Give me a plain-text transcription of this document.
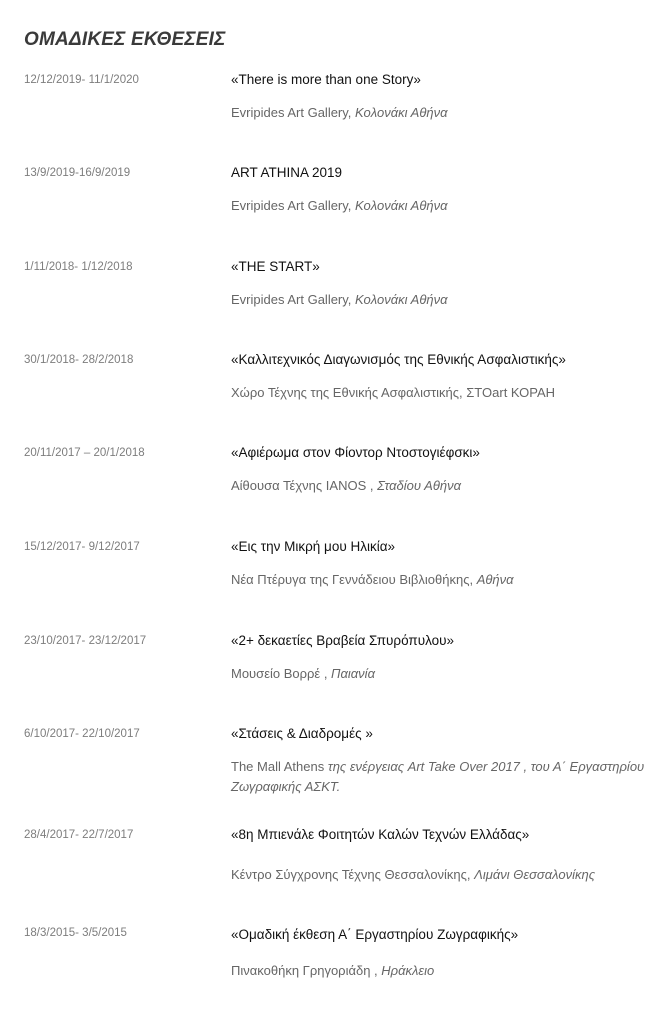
ΟΜΑΔΙΚΕΣ ΕΚΘΕΣΕΙΣ
12/12/2019- 11/1/2020	«There is more than one Story»
Evripides Art Gallery, Κολονάκι Αθήνα
13/9/2019-16/9/2019	ART ATHINA 2019
Evripides Art Gallery, Κολονάκι Αθήνα
1/11/2018- 1/12/2018	«THE START»
Evripides Art Gallery, Κολονάκι Αθήνα
30/1/2018- 28/2/2018	«Καλλιτεχνικός Διαγωνισμός της Εθνικής Ασφαλιστικής»
Χώρο Τέχνης της Εθνικής Ασφαλιστικής, ΣΤΟart ΚΟΡΑΗ
20/11/2017 – 20/1/2018	«Αφιέρωμα στον Φίοντορ Ντοστογιέφσκι»
Αίθουσα Τέχνης ΙΑΝΟS , Σταδίου Αθήνα
15/12/2017- 9/12/2017	«Εις την Μικρή μου Ηλικία»
Νέα Πτέρυγα της Γεννάδειου Βιβλιοθήκης, Αθήνα
23/10/2017- 23/12/2017	«2+ δεκαετίες Βραβεία Σπυρόπυλου»
Μουσείο Βορρέ , Παιανία
6/10/2017- 22/10/2017	«Στάσεις & Διαδρομές »
The Mall Athens της ενέργειας Art Take Over 2017 , του Α΄ Εργαστηρίου Ζωγραφικής ΑΣΚΤ.
28/4/2017- 22/7/2017	«8η Μπιενάλε Φοιτητών Καλών Τεχνών Ελλάδας»
Κέντρο Σύγχρονης Τέχνης Θεσσαλονίκης, Λιμάνι Θεσσαλονίκης
18/3/2015- 3/5/2015	«Ομαδική έκθεση Α΄ Εργαστηρίου Ζωγραφικής»
Πινακοθήκη Γρηγοριάδη , Ηράκλειο
